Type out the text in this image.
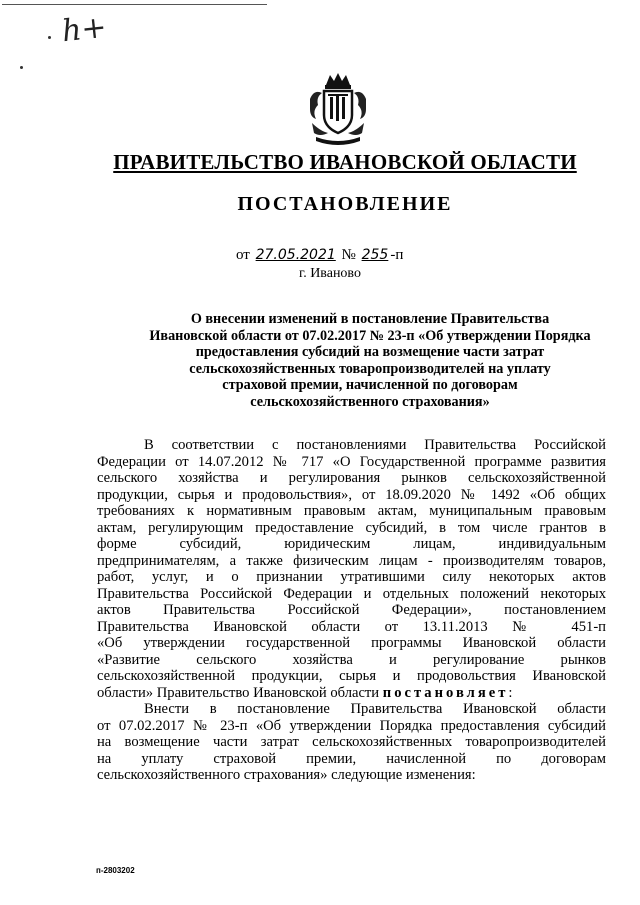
h+
ПРАВИТЕЛЬСТВО ИВАНОВСКОЙ ОБЛАСТИ
ПОСТАНОВЛЕНИЕ
от 27.05.2021 № 255 -п
г. Иваново
О внесении изменений в постановление Правительства
Ивановской области от 07.02.2017 № 23-п «Об утверждении Порядка
предоставления субсидий на возмещение части затрат
сельскохозяйственных товаропроизводителей на уплату
страховой премии, начисленной по договорам
сельскохозяйственного страхования»
В соответствии с постановлениями Правительства Российской
Федерации от 14.07.2012 № 717 «О Государственной программе развития
сельского хозяйства и регулирования рынков сельскохозяйственной
продукции, сырья и продовольствия», от 18.09.2020 № 1492 «Об общих
требованиях к нормативным правовым актам, муниципальным правовым
актам, регулирующим предоставление субсидий, в том числе грантов в
форме субсидий, юридическим лицам, индивидуальным
предпринимателям, а также физическим лицам - производителям товаров,
работ, услуг, и о признании утратившими силу некоторых актов
Правительства Российской Федерации и отдельных положений некоторых
актов Правительства Российской Федерации», постановлением
Правительства Ивановской области от 13.11.2013 № 451-п
«Об утверждении государственной программы Ивановской области
«Развитие сельского хозяйства и регулирование рынков
сельскохозяйственной продукции, сырья и продовольствия Ивановской
области» Правительство Ивановской области постановляет:
Внести в постановление Правительства Ивановской области
от 07.02.2017 № 23-п «Об утверждении Порядка предоставления субсидий
на возмещение части затрат сельскохозяйственных товаропроизводителей
на уплату страховой премии, начисленной по договорам
сельскохозяйственного страхования» следующие изменения:
п-2803202
